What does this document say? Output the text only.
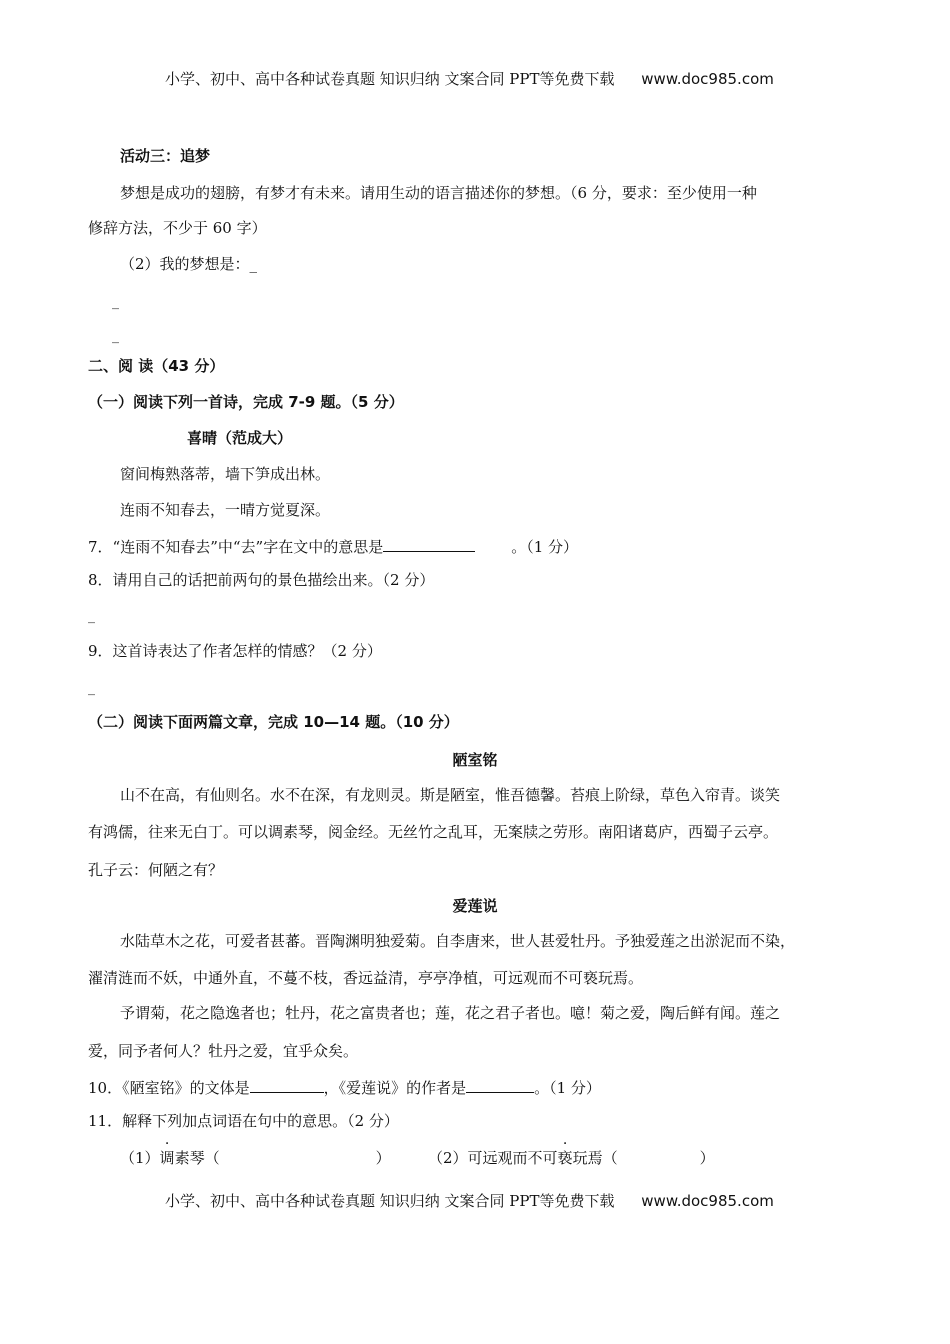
小学、初中、高中各种试卷真题 知识归纳 文案合同 PPT等免费下载 www.doc985.com
活动三：追梦
梦想是成功的翅膀，有梦才有未来。请用生动的语言描述你的梦想。（6 分，要求：至少使用一种
修辞方法，不少于 60 字）
（2）我的梦想是：_
_
_
二、阅 读（43 分）
（一）阅读下列一首诗，完成 7-9 题。（5 分）
喜晴（范成大）
窗间梅熟落蒂，墙下笋成出林。
连雨不知春去，一晴方觉夏深。
7．“连雨不知春去”中“去”字在文中的意思是	。（1 分）
8．请用自己的话把前两句的景色描绘出来。（2 分）
_
9．这首诗表达了作者怎样的情感？（2 分）
_
（二）阅读下面两篇文章，完成 10—14 题。（10 分）
陋室铭
山不在高，有仙则名。水不在深，有龙则灵。斯是陋室，惟吾德馨。苔痕上阶绿，草色入帘青。谈笑
有鸿儒，往来无白丁。可以调素琴，阅金经。无丝竹之乱耳，无案牍之劳形。南阳诸葛庐，西蜀子云亭。
孔子云：何陋之有？
爱莲说
水陆草木之花，可爱者甚蕃。晋陶渊明独爱菊。自李唐来，世人甚爱牡丹。予独爱莲之出淤泥而不染，
濯清涟而不妖，中通外直，不蔓不枝，香远益清，亭亭净植，可远观而不可亵玩焉。
予谓菊，花之隐逸者也；牡丹，花之富贵者也；莲，花之君子者也。噫！菊之爱，陶后鲜有闻。莲之
爱，同予者何人？牡丹之爱，宜乎众矣。
10．《陋室铭》的文体是	，《爱莲说》的作者是	。（1 分）
11．解释下列加点词语在句中的意思。（2 分）
（1）调素琴（	） （2）可远观而不可亵玩焉（	）
小学、初中、高中各种试卷真题 知识归纳 文案合同 PPT等免费下载 www.doc985.com
